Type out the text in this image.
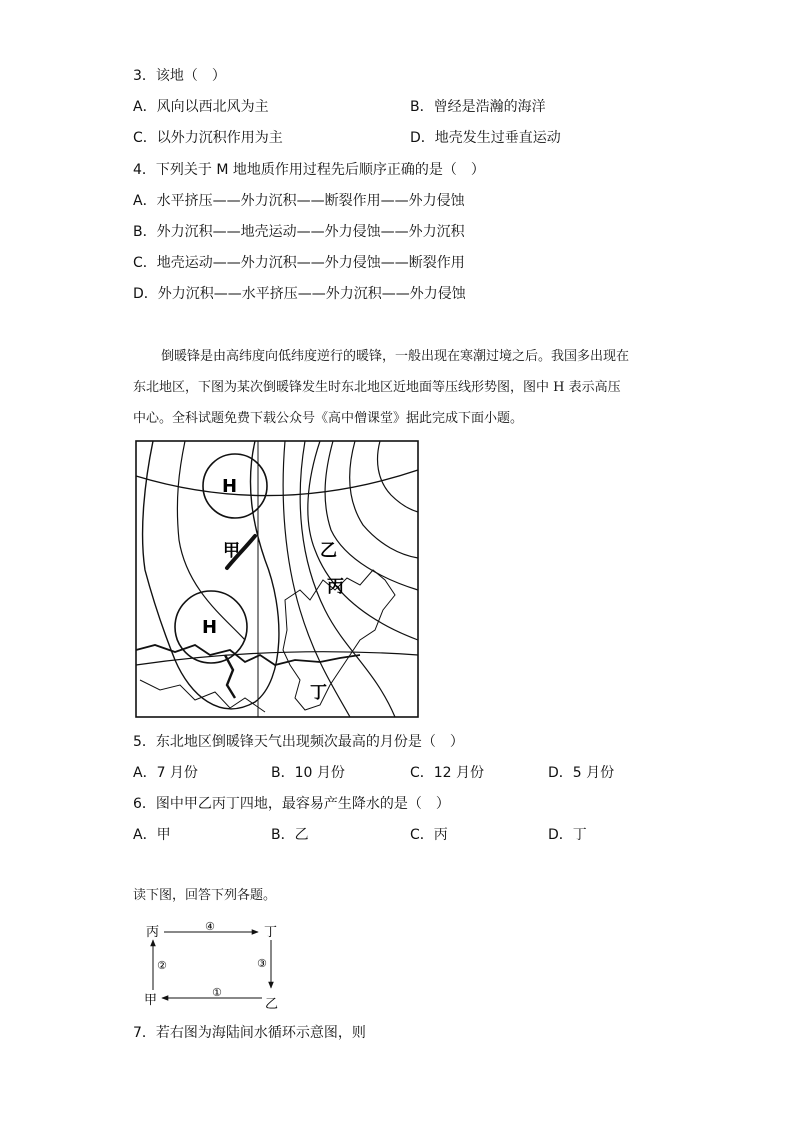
3．该地（　）
A．风向以西北风为主	B．曾经是浩瀚的海洋
C．以外力沉积作用为主	D．地壳发生过垂直运动
4．下列关于 M 地地质作用过程先后顺序正确的是（　）
A．水平挤压——外力沉积——断裂作用——外力侵蚀
B．外力沉积——地壳运动——外力侵蚀——外力沉积
C．地壳运动——外力沉积——外力侵蚀——断裂作用
D．外力沉积——水平挤压——外力沉积——外力侵蚀
倒暖锋是由高纬度向低纬度逆行的暖锋，一般出现在寒潮过境之后。我国多出现在
东北地区，下图为某次倒暖锋发生时东北地区近地面等压线形势图，图中 H 表示高压
中心。全科试题免费下载公众号《高中僧课堂》据此完成下面小题。
H
H
甲	乙
丙
丁
5．东北地区倒暖锋天气出现频次最高的月份是（　）
A．7 月份	B．10 月份	C．12 月份	D．5 月份
6．图中甲乙丙丁四地，最容易产生降水的是（　）
A．甲	B．乙	C．丙	D．丁
读下图，回答下列各题。
丙	丁
甲	乙
④
③
①
②
7．若右图为海陆间水循环示意图，则
